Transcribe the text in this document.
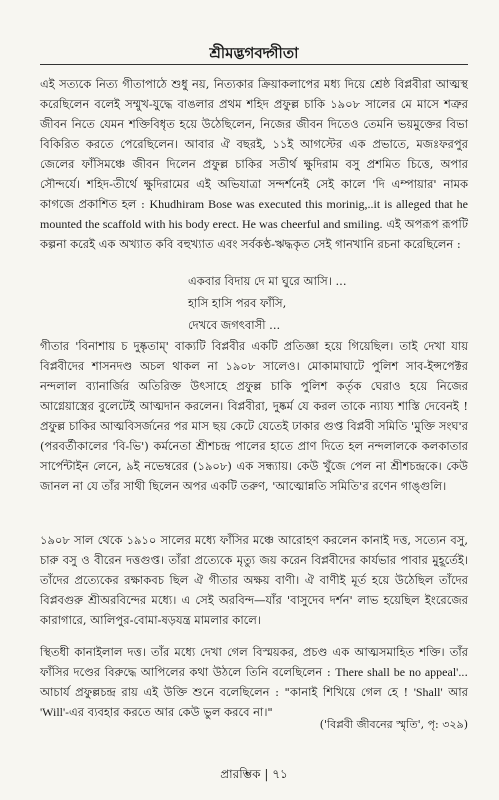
শ্রীমদ্ভগবদ্গীতা

এই সত্যকে নিত্য গীতাপাঠে শুধু নয়, নিত্যকার ক্রিয়াকলাপের মধ্য দিয়ে শ্রেষ্ঠ বিপ্লবীরা আত্মস্থ করেছিলেন বলেই সম্মুখ-যুদ্ধে বাঙলার প্রথম শহিদ প্রফুল্ল চাকি ১৯০৮ সালের মে মাসে শত্রুর জীবন নিতে যেমন শক্তিবিধৃত হয়ে উঠেছিলেন, নিজের জীবন দিতেও তেমনি ভয়মুক্তের বিভা বিকিরিত করতে পেরেছিলেন। আবার ঐ বছরই, ১১ই আগস্টের এক প্রভাতে, মজঃফরপুর জেলের ফাঁসিমঞ্চে জীবন দিলেন প্রফুল্ল চাকির সতীর্থ ক্ষুদিরাম বসু প্রশমিত চিত্তে, অপার সৌন্দর্যে। শহিদ-তীর্থে ক্ষুদিরামের এই অভিযাত্রা সন্দর্শনেই সেই কালে 'দি এম্পায়ার' নামক কাগজে প্রকাশিত হল : Khudhiram Bose was executed this morinig,..it is alleged that he mounted the scaffold with his body erect. He was cheerful and smiling. এই অপরূপ রূপটি কল্পনা করেই এক অখ্যাত কবি বহুখ্যাত এবং সর্বকণ্ঠ-ঋদ্ধকৃত সেই গানখানি রচনা করেছিলেন :

একবার বিদায় দে মা ঘুরে আসি। ...
হাসি হাসি পরব ফাঁসি,
দেখবে জগৎবাসী ...

গীতার 'বিনাশায় চ দুষ্কৃতাম্' বাক্যটি বিপ্লবীর একটি প্রতিজ্ঞা হয়ে গিয়েছিল। তাই দেখা যায় বিপ্লবীদের শাসনদণ্ড অচল থাকল না ১৯০৮ সালেও। মোকামাঘাটে পুলিশ সাব-ইন্সপেক্টর নন্দলাল ব্যানার্জির অতিরিক্ত উৎসাহে প্রফুল্ল চাকি পুলিশ কর্তৃক ঘেরাও হয়ে নিজের আগ্নেয়াস্ত্রের বুলেটেই আত্মদান করলেন। বিপ্লবীরা, দুষ্কর্ম যে করল তাকে ন্যায্য শাস্তি দেবেনই ! প্রফুল্ল চাকির আত্মবিসর্জনের পর মাস ছয় কেটে যেতেই ঢাকার গুপ্ত বিপ্লবী সমিতি 'মুক্তি সংঘ'র (পরবর্তীকালের 'বি-ভি') কর্মনেতা শ্রীশচন্দ্র পালের হাতে প্রাণ দিতে হল নন্দলালকে কলকাতার সার্পেন্টাইন লেনে, ৯ই নভেম্বরের (১৯০৮) এক সন্ধ্যায়। কেউ খুঁজে পেল না শ্রীশচন্দ্রকে। কেউ জানল না যে তাঁর সাথী ছিলেন অপর একটি তরুণ, 'আত্মোন্নতি সমিতি'র রণেন গাঙ্গুলি।

১৯০৮ সাল থেকে ১৯১০ সালের মধ্যে ফাঁসির মঞ্চে আরোহণ করলেন কানাই দত্ত, সত্যেন বসু, চারু বসু ও বীরেন দত্তগুপ্ত। তাঁরা প্রত্যেকে মৃত্যু জয় করেন বিপ্লবীদের কার্যভার পাবার মুহূর্তেই। তাঁদের প্রত্যেকের রক্ষাকবচ ছিল ঐ গীতার অক্ষয় বাণী। ঐ বাণীই মূর্ত হয়ে উঠেছিল তাঁদের বিপ্লবগুরু শ্রীঅরবিন্দের মধ্যে। এ সেই অরবিন্দ—যাঁর 'বাসুদেব দর্শন' লাভ হয়েছিল ইংরেজের কারাগারে, আলিপুর-বোমা-ষড়যন্ত্র মামলার কালে।

স্থিতধী কানাইলাল দত্ত। তাঁর মধ্যে দেখা গেল বিস্ময়কর, প্রচণ্ড এক আত্মসমাহিত শক্তি। তাঁর ফাঁসির দণ্ডের বিরুদ্ধে আপিলের কথা উঠলে তিনি বলেছিলেন : There shall be no appeal'... আচার্য প্রফুল্লচন্দ্র রায় এই উক্তি শুনে বলেছিলেন : "কানাই শিখিয়ে গেল হে ! 'Shall' আর 'Will'-এর ব্যবহার করতে আর কেউ ভুল করবে না।"

('বিপ্লবী জীবনের স্মৃতি', পৃ: ৩২৯)
প্রারম্ভিক | ৭১
